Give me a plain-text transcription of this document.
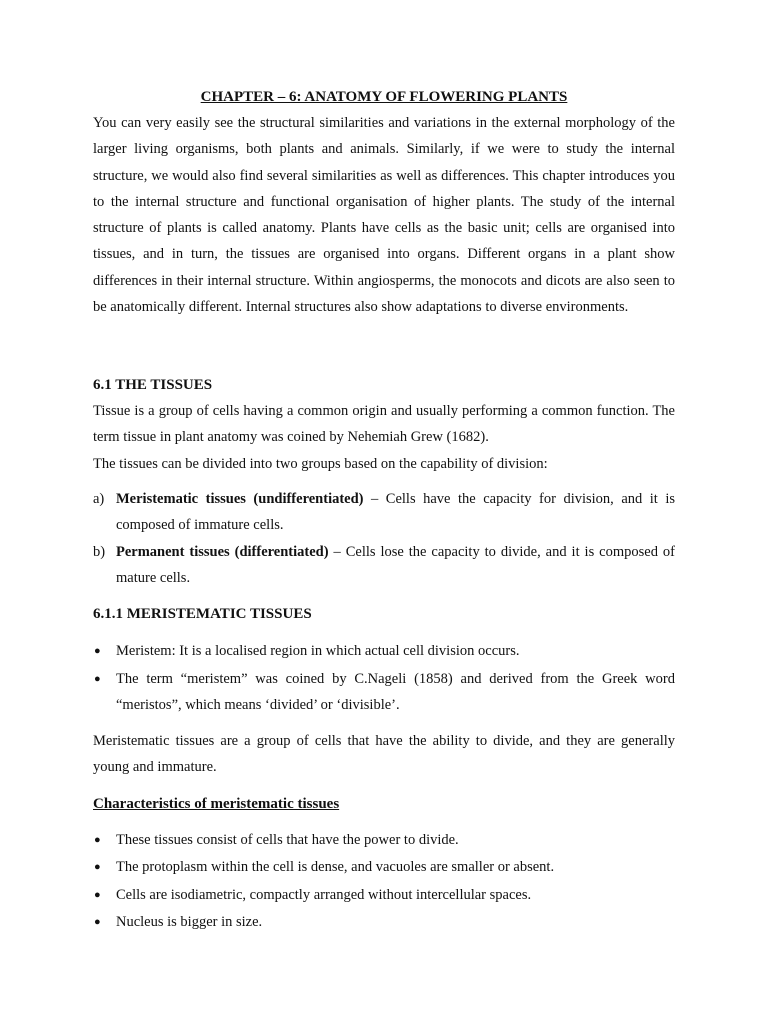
CHAPTER – 6: ANATOMY OF FLOWERING PLANTS

You can very easily see the structural similarities and variations in the external morphology of the larger living organisms, both plants and animals. Similarly, if we were to study the internal structure, we would also find several similarities as well as differences. This chapter introduces you to the internal structure and functional organisation of higher plants. The study of the internal structure of plants is called anatomy. Plants have cells as the basic unit; cells are organised into tissues, and in turn, the tissues are organised into organs. Different organs in a plant show differences in their internal structure. Within angiosperms, the monocots and dicots are also seen to be anatomically different. Internal structures also show adaptations to diverse environments.

6.1 THE TISSUES

Tissue is a group of cells having a common origin and usually performing a common function. The term tissue in plant anatomy was coined by Nehemiah Grew (1682).

The tissues can be divided into two groups based on the capability of division:

a) Meristematic tissues (undifferentiated) – Cells have the capacity for division, and it is composed of immature cells.
b) Permanent tissues (differentiated) – Cells lose the capacity to divide, and it is composed of mature cells.

6.1.1 MERISTEMATIC TISSUES

● Meristem: It is a localised region in which actual cell division occurs.
● The term “meristem” was coined by C.Nageli (1858) and derived from the Greek word “meristos”, which means ‘divided’ or ‘divisible’.

Meristematic tissues are a group of cells that have the ability to divide, and they are generally young and immature.

Characteristics of meristematic tissues

● These tissues consist of cells that have the power to divide.
● The protoplasm within the cell is dense, and vacuoles are smaller or absent.
● Cells are isodiametric, compactly arranged without intercellular spaces.
● Nucleus is bigger in size.
